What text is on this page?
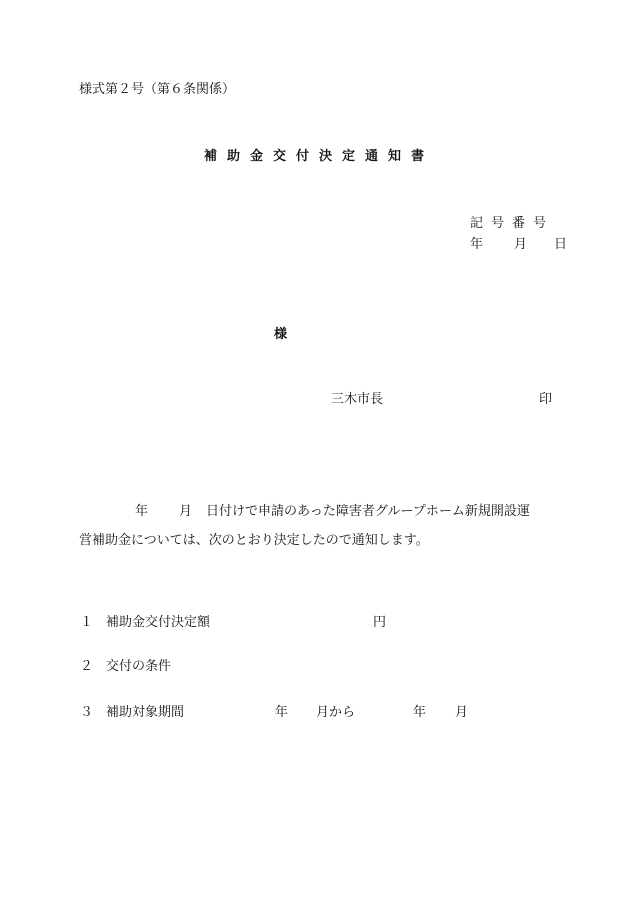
様式第２号（第６条関係）
補助金交付決定通知書
記号番号
年 月 日
様
三木市長	印
年 月 日付けで申請のあった障害者グループホーム新規開設運
営補助金については、次のとおり決定したので通知します。
１ 補助金交付決定額	円
２ 交付の条件
３ 補助対象期間	年 月から	年 月
